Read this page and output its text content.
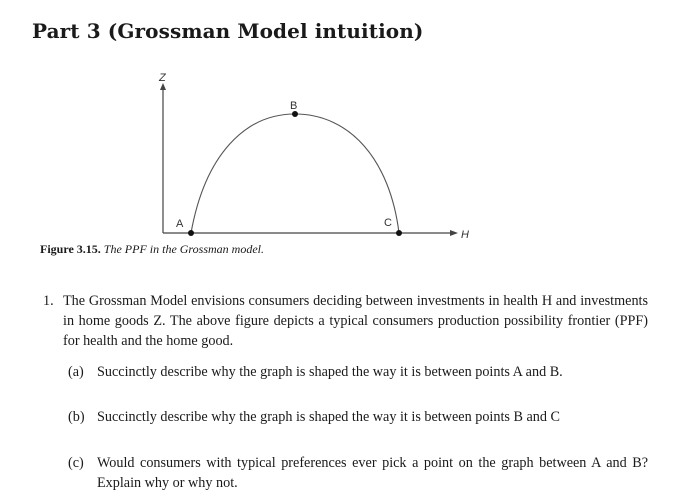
Part 3 (Grossman Model intuition)
Z
H
A
B
C
Figure 3.15. The PPF in the Grossman model.
1. The Grossman Model envisions consumers deciding between investments in health H and investments in home goods Z. The above figure depicts a typical consumers production possibility frontier (PPF) for health and the home good.
(a) Succinctly describe why the graph is shaped the way it is between points A and B.
(b) Succinctly describe why the graph is shaped the way it is between points B and C
(c) Would consumers with typical preferences ever pick a point on the graph between A and B? Explain why or why not.
